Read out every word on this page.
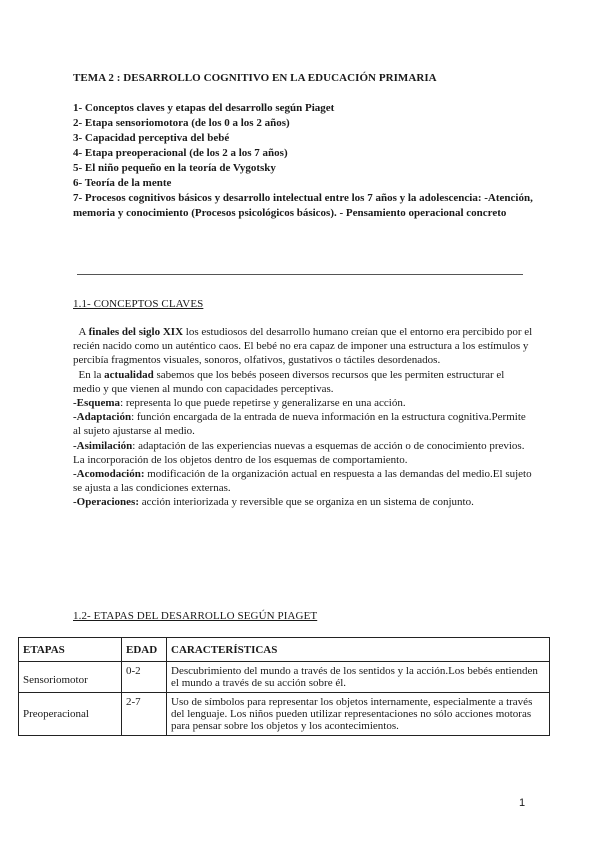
TEMA 2 : DESARROLLO COGNITIVO EN LA EDUCACIÓN PRIMARIA
1- Conceptos claves y etapas del desarrollo según Piaget
2- Etapa sensoriomotora (de los 0 a los 2 años)
3- Capacidad perceptiva del bebé
4- Etapa preoperacional (de los 2 a los 7 años)
5- El niño pequeño en la teoría de Vygotsky
6- Teoría de la mente
7- Procesos cognitivos básicos y desarrollo intelectual entre los 7 años y la adolescencia: -Atención, memoria y conocimiento (Procesos psicológicos básicos). - Pensamiento operacional concreto
1.1- CONCEPTOS CLAVES

A finales del siglo XIX los estudiosos del desarrollo humano creían que el entorno era percibido por el recién nacido como un auténtico caos. El bebé no era capaz de imponer una estructura a los estímulos y percibía fragmentos visuales, sonoros, olfativos, gustativos o táctiles desordenados.

En la actualidad sabemos que los bebés poseen diversos recursos que les permiten estructurar el medio y que vienen al mundo con capacidades perceptivas.

-Esquema: representa lo que puede repetirse y generalizarse en una acción.

-Adaptación: función encargada de la entrada de nueva información en la estructura cognitiva.Permite al sujeto ajustarse al medio.

-Asimilación: adaptación de las experiencias nuevas a esquemas de acción o de conocimiento previos. La incorporación de los objetos dentro de los esquemas de comportamiento.

-Acomodación: modificación de la organización actual en respuesta a las demandas del medio.El sujeto se ajusta a las condiciones externas.

-Operaciones: acción interiorizada y reversible que se organiza en un sistema de conjunto.

1.2- ETAPAS DEL DESARROLLO SEGÚN PIAGET
ETAPAS	EDAD	CARACTERÍSTICAS
Sensoriomotor	0-2	Descubrimiento del mundo a través de los sentidos y la acción.Los bebés entienden el mundo a través de su acción sobre él.
Preoperacional	2-7	Uso de símbolos para representar los objetos internamente, especialmente a través del lenguaje. Los niños pueden utilizar representaciones no sólo acciones motoras para pensar sobre los objetos y los acontecimientos.
1
